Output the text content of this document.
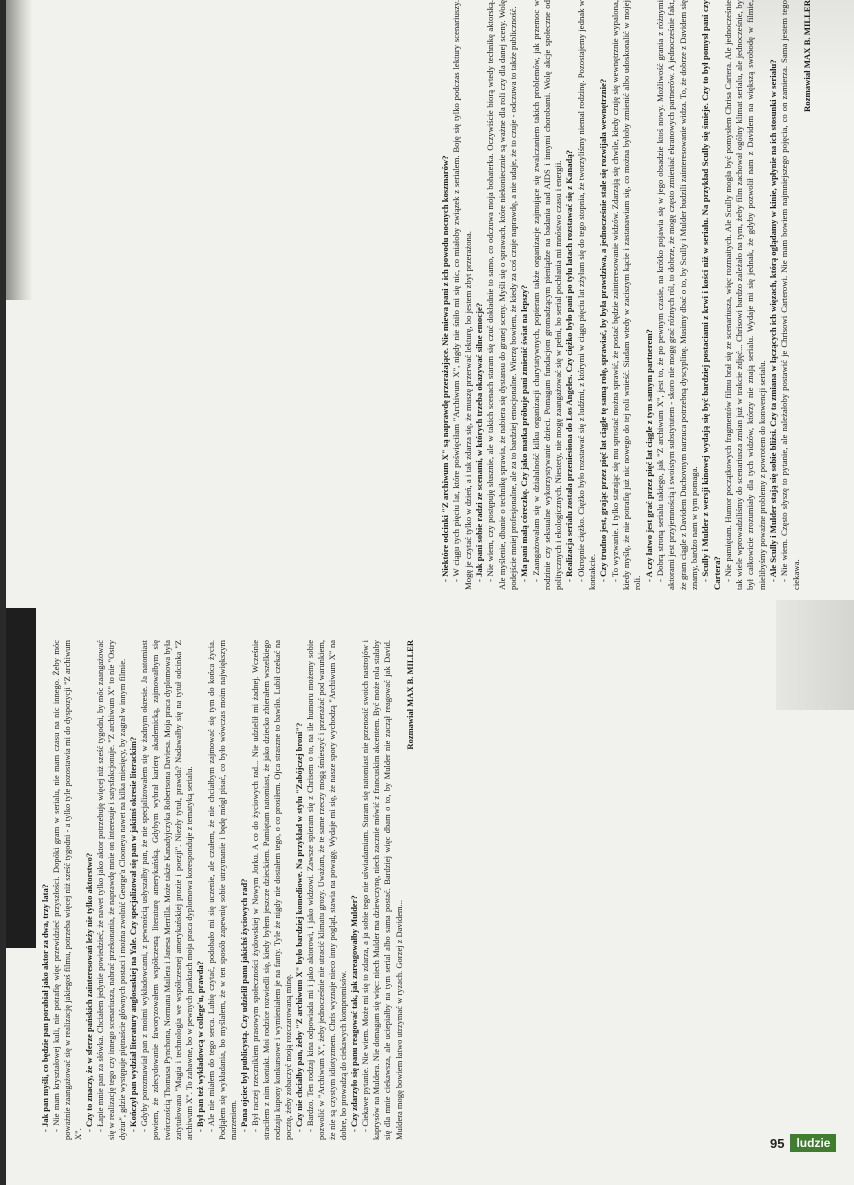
- Niektóre odcinki "Z archiwum X" są naprawdę przerażające. Nie miewa pani z ich powodu nocnych koszmarów? - W ciągu tych pięciu lat, które poświęciłam "Archiwum X", nigdy nie śniło mi się nic, co miałoby związek z serialem. Boję się tylko podczas lektury scenariuszy. Mogę je czytać tylko w dzień, a i tak zdarza się, że muszę przerwać lekturę, bo jestem zbyt przerażona. - Jak pani sobie radzi ze scenami, w których trzeba okazywać silne emocje? - Nie wiem, czy postępuję słusznie, ale w takich scenach staram się czuć dokładnie to samo, co odczuwa moja bohaterka. Oczywiście biorą wtedy technikę aktorską. Ale myślenie, dbanie o technikę sprawia, że nabiera się dystansu do granej sceny. Myśli się o sprawach, które niekoniecznie są ważne dla roli czy dla danej sceny. Wolę podejście mniej profesjonalne, ale za to bardziej emocjonalne. Wierzę bowiem, że kiedy za coś czuje naprawdę, a nie udaje, że to czuje - odczuwa to także publiczność. - Ma pani małą córeczkę. Czy jako matka próbuje pani zmienić świat na lepszy? - Zaangażowałam się w działalność kilku organizacji charytatywnych, popieram także organizacje zajmujące się zwalczaniem takich problemów, jak przemoc w rodzinie czy seksualne wykorzystywanie dzieci. Pomagam fundacjom gromadzącym pieniądze na badania nad AIDS i innymi chorobami. Wolę akcje społeczne od politycznych i ekologicznych. Niestety, nie mogę zaangażować się w pełni, bo serial pochłania mi mnóstwo czasu i energii. - Realizacja serialu została przeniesiona do Los Angeles. Czy ciężko było pani po tylu latach rozstawać się z Kanadą? - Okropnie ciężko. Ciężko było rozstawać się z ludźmi, z którymi w ciągu pięciu lat zżyłam się do tego stopnia, że tworzyliśmy niemal rodzinę. Pozostajemy jednak w kontakcie. - Czy trudno jest, grając przez pięć lat ciągle tę samą rolę, sprawiać, by była prawdziwa, a jednocześnie stale się rozwijała wewnętrznie? - To wyzwanie. I tylko starając się mu sprostać można sprawić, że postać będzie zainteresowanie widzów. Zdarzają się chwile, kiedy czuję się wewnętrznie wypalona, kiedy myślę, że nie potrafię już nic nowego do tej roli wnieść. Siadam wtedy w zaciszym kącie i zastanawiam się, co można byłoby zmienić albo udoskonalić w mojej roli.

- A czy łatwo jest grać przez pięć lat ciągle z tym samym partnerem? - Dobrą stroną serialu takiego, jak "Z archiwum X", jest to, że po pewnym czasie, na krótko pojawia się w jego obsadzie ktoś nowy. Możliwość grania z różnymi aktorami jest przyjemnością i swoistym substytutem - skoro nie mogę grać różnych ról, to dobrze, że mogę często zmieniać ekranowych partnerów. A jednocześnie fakt, że gram ciągle z Davidem Duchovnym narzuca potrzebną dyscyplinę. Musimy dbać o to, by Scully i Mulder budzili zainteresowanie widza. To, że dobrze z Davidem się znamy, bardzo nam w tym pomaga. - Scully i Mulder z wersji kinowej wydają się być bardziej postaciami z krwi i kości niż w serialu. Na przykład Scully się śmieje. Czy to był pomysł pani czy Cartera? - Nie pamiętam. Humor początkowych fragmentów filmu brał się ze scenariusza, więc rozmaitych. Ale Scully mogła być pomysłem Chrisa Cartera. Ale jednocześnie tak wiele wprowadziliśmy do scenariusza zmian już w trakcie zdjęć... Chrisowi bardzo zależało na tym, żeby film zachował ogólny klimat serialu, ale jednocześnie, by był całkowicie zrozumiały dla tych widzów, którzy nie znają serialu. Wydaje mi się jednak, że gdyby pozwolił nam z Davidem na większą swobodę w filmie, mielibyśmy poważne problemy z powrotem do konwencji serialu. - Ale Scully i Mulder stają się sobie bliżsi. Czy ta zmiana w łączących ich więzach, którą oglądamy w kinie, wpłynie na ich stosunki w serialu? - Nie wiem. Często słyszę to pytanie, ale należałoby postawić je Chrisowi Carterowi. Nie mam bowiem najmniejszego pojęcia, co on zamierza. Sama jestem tego ciekawa.

Rozmawiał MAX B. MILLER

- Jak pan myśli, co będzie pan porabiał jako aktor za dwa, trzy lata? - Nie mam kryształowej kuli, nie potrafię więc przewidzieć przyszłości. Dopóki gram w serialu, nie mam czasu na nic innego. Żeby móc poważnie zaangażować się w realizację jakiegoś filmu, potrzeba więcej niż sześć tygodni - a tylko tyle pozostawia mi do dyspozycji "Z archiwum X".

- Czy to znaczy, że w sferze pańskich zainteresowań leży nie tylko aktorstwo? - Łapie mnie pan za słówka. Chciałem jedynie powiedzieć, że nawet tylko jako aktor potrzebuję więcej niż sześć tygodni, by móc zaangażować się w realizację tego czy innego scenariusza, nabrać przekonania, że naprawdę mnie on interesuje i satysfakcjonuje. "Z archiwum X" to nie "Ostry dyżur", gdzie występuje piętnaście głównych postaci i można zwolnić George'a Clooneya nawet na kilka miesięcy, by zagrał w innym filmie. - Kończył pan wydział literatury anglosaskiej na Yale. Czy specjalizował się pan w jakimś okresie literackim? - Gdyby porozmawiał pan z moimi wykładowcami, z pewnością usłyszałby pan, że nie specjalizowałem się w żadnym okresie. Ja natomiast powiem, że zdecydowanie faworyzowałem współczesną literaturę amerykańską. Gdybym wybrał karierę akademicką, zajmowałbym się twórczością Thomasa Pynchona, Normana Mailera i Janesa Merrilla. Może także Kanadyjczyka Robertsona Daviesa. Moja praca dyplomowa była zatytułowana "Magia i technologia we współczesnej amerykańskiej prozie i poezji". Niezły tytuł, prawda? Nadawałby się na tytuł odcinka "Z archiwum X". To zabawne, bo w pewnych punktach moja praca dyplomowa koresponduje z tematyką serialu. - Był pan też wykładowcą w college'u, prawda? - Ale nie miałem do tego serca. Lubię czytać, podobało mi się uczenie, ale czułem, że nie chciałbym zajmować się tym do końca życia. Podjąłem się wykładania, bo myślałem, że w ten sposób zapewnię sobie utrzymanie i będę mógł pisać, co było wówczas moim największym marzeniem. - Pana ojciec był publicystą. Czy udzielił panu jakichś życiowych rad? - Był raczej rzecznikiem prasowym społeczności żydowskiej w Nowym Jorku. A co do życiowych rad... Nie udzielił mi żadnej. Wcześnie straciłem z nim kontakt. Moi rodzice rozwiedli się, kiedy byłem jeszcze dzieckiem. Pamiętam natomiast, że jako dziecko zbierałem wszelkiego rodzaju kupony konkursowe i wymieniałem je na fanty. Tyle że nigdy nie dostałem tego, o co prosiłem. Ojca straszne to bawiło. Lubił czekać na pocztę, żeby zobaczyć moją rozczarowaną minę. - Czy nie chciałby pan, żeby "Z archiwum X" było bardziej komediowe. Na przykład w stylu "Zabójczej broni"? - Bardzo. Ten rodzaj kina odpowiada mi i jako aktorowi, i jako widzowi. Zawsze spieram się z Chrisem o to, na ile humoru możemy sobie pozwolić w "Archiwum X", żeby jednocześnie nie utracić klimatu grozy. Uważam, że te same rzeczy mogą śmieszyć i przerażać pod warunkiem, że nie są czystym idiotyzmem. Chris wyznaje nieco inny pogląd, stawia na powagę. Wydaje mi się, że nasze spory wychodzą "Archiwum X" na dobre, bo prowadzą do ciekawych kompromisów. - Czy zdarzyło się panu reagować tak, jak zareagowałby Mulder? - Ciekawe pytanie. Nie wiem. Może mi się to zdarza, a ja sobie tego nie uświadamiam. Staram się natomiast nie przenosić swoich nastrojów i kaprysów na Muldera. Nie domagam się więc: niech Mulder ma dziewczynę, niech zacznie mówić z francuskim akcentem. Być może rola stałaby się dla mnie ciekawsza, ale uciepiałby na tym serial albo sama postać. Bardziej więc dbam o to, by Mulder nie zaczął reagować jak David. Muldera mogę bowiem łatwo utrzymać w ryzach. Gorzej z Davidem...

Rozmawiał MAX B. MILLER

95	ludzie
